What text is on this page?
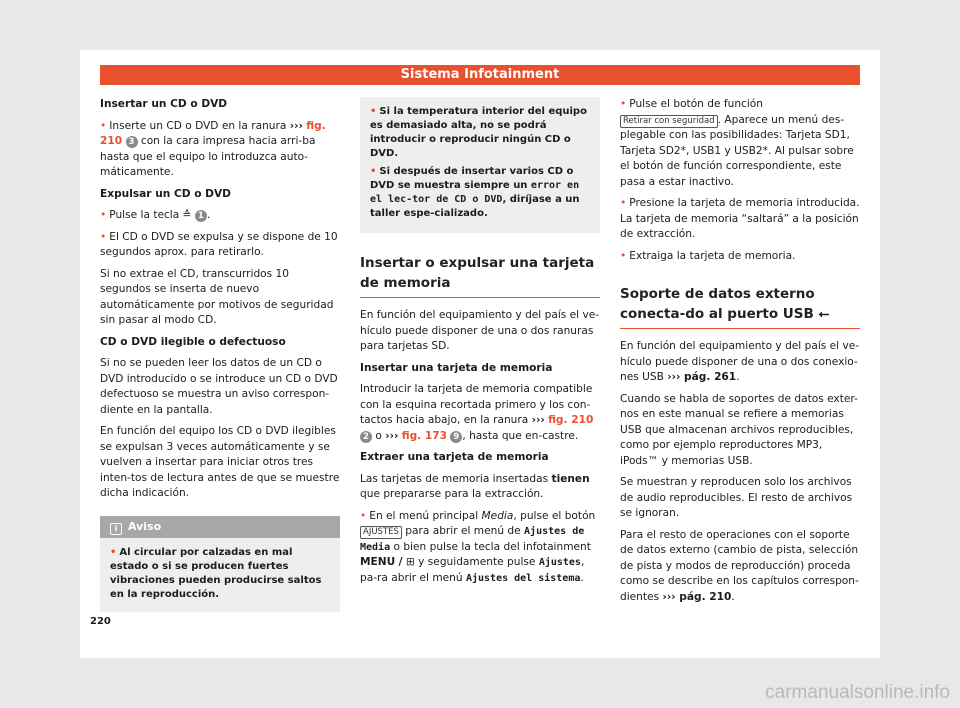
Sistema Infotainment
Insertar un CD o DVD
• Inserte un CD o DVD en la ranura ››› fig. 210 3 con la cara impresa hacia arri-ba hasta que el equipo lo introduzca auto-máticamente.
Expulsar un CD o DVD
• Pulse la tecla ≙ 1 .
• El CD o DVD se expulsa y se dispone de 10 segundos aprox. para retirarlo.

Si no extrae el CD, transcurridos 10 segundos se inserta de nuevo automáticamente por motivos de seguridad sin pasar al modo CD.

CD o DVD ilegible o defectuoso

Si no se pueden leer los datos de un CD o DVD introducido o se introduce un CD o DVD defectuoso se muestra un aviso correspon-diente en la pantalla.

En función del equipo los CD o DVD ilegibles se expulsan 3 veces automáticamente y se vuelven a insertar para iniciar otros tres inten-tos de lectura antes de que se muestre dicha indicación.

i Aviso
• Al circular por calzadas en mal estado o si se producen fuertes vibraciones pueden producirse saltos en la reproducción.
• Si la temperatura interior del equipo es demasiado alta, no se podrá introducir o reproducir ningún CD o DVD.
• Si después de insertar varios CD o DVD se muestra siempre un error en el lec-tor de CD o DVD, diríjase a un taller espe-cializado.
Insertar o expulsar una tarjeta de memoria

En función del equipamiento y del país el ve-hículo puede disponer de una o dos ranuras para tarjetas SD.

Insertar una tarjeta de memoria

Introducir la tarjeta de memoria compatible con la esquina recortada primero y los con-tactos hacia abajo, en la ranura ››› fig. 210 2 o ››› fig. 173 9 , hasta que en-castre.

Extraer una tarjeta de memoria

Las tarjetas de memoria insertadas tienen que prepararse para la extracción.

• En el menú principal Media, pulse el botón AJUSTES para abrir el menú de Ajustes de Media o bien pulse la tecla del infotainment MENU / ⊞ y seguidamente pulse Ajustes, pa-ra abrir el menú Ajustes del sistema.
• Pulse el botón de función Retirar con seguridad . Aparece un menú des-plegable con las posibilidades: Tarjeta SD1, Tarjeta SD2*, USB1 y USB2*. Al pulsar sobre el botón de función correspondiente, este pasa a estar inactivo.
• Presione la tarjeta de memoria introducida. La tarjeta de memoria “saltará” a la posición de extracción.
• Extraiga la tarjeta de memoria.
Soporte de datos externo conecta-do al puerto USB ⭠

En función del equipamiento y del país el ve-hículo puede disponer de una o dos conexio-nes USB ››› pág. 261.

Cuando se habla de soportes de datos exter-nos en este manual se refiere a memorias USB que almacenan archivos reproducibles, como por ejemplo reproductores MP3, iPods™ y memorias USB.

Se muestran y reproducen solo los archivos de audio reproducibles. El resto de archivos se ignoran.

Para el resto de operaciones con el soporte de datos externo (cambio de pista, selección de pista y modos de reproducción) proceda como se describe en los capítulos correspon-dientes ››› pág. 210.

220
carmanualsonline.info
